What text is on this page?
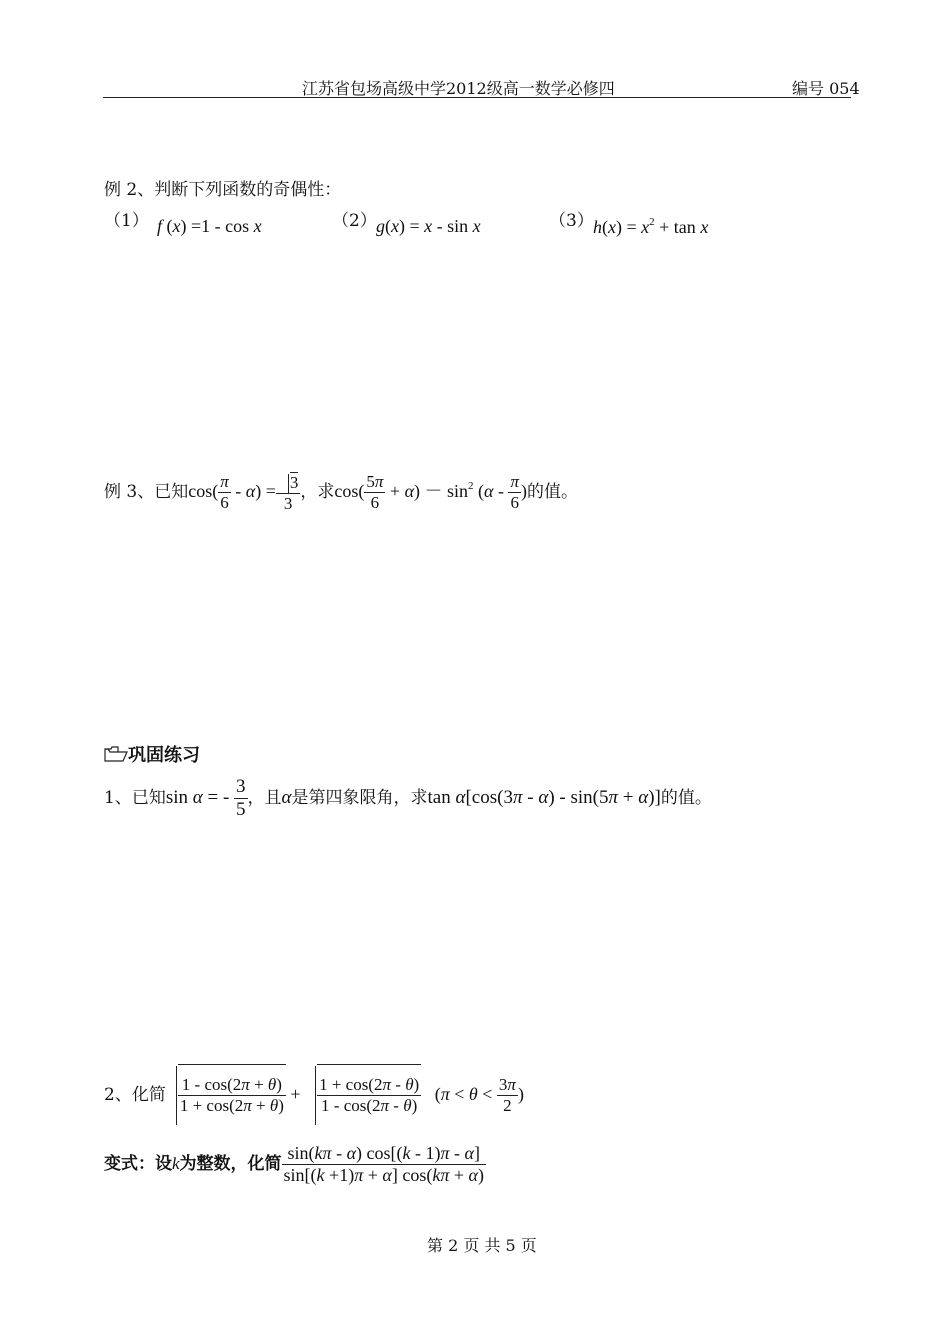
江苏省包场高级中学2012级高一数学必修四	编号 054
例 2、判断下列函数的奇偶性：
（1） f (x) =1 - cos x	（2） g(x) = x - sin x	（3） $h(x) = x^2 + \tan x$
例 3、已知$\cos( \frac{\pi}{6} - \alpha) = \frac{3}{3}$ ，求$\cos( \frac{5\pi}{6} + \alpha) - \sin^2 (\alpha - \frac{\pi}{6}$ )的值。
巩固练习
1、已知sin α = - $\frac{3}{5}$ ，且α是第四象限角，求tan α[cos(3π - α) - sin(5π + α)]的值。
2、化简 $\frac{1 - \cos(2\pi + \theta)}{1 + \cos(2\pi + \theta)} + \frac{1 + \cos(2\pi - \theta)}{1 - \cos(2\pi - \theta)} (\pi < \theta < \frac{3\pi}{2}$ )
变式：设k为整数，化简 $\frac{\sin(k\pi - \alpha) \cos[(k - 1)\pi - \alpha]}{\sin[(k +1)\pi + \alpha] \cos(k\pi + \alpha)}$
第 2 页 共 5 页
